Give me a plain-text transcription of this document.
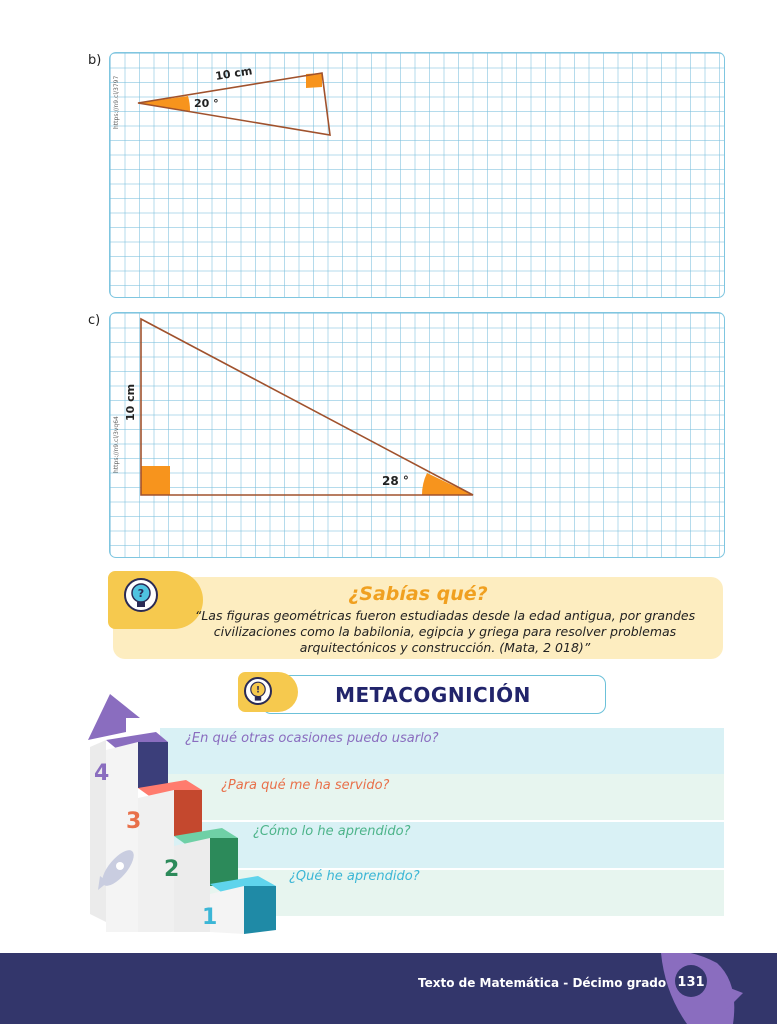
b)
10 cm
20 °
https://n9.cl/3797
c)
10 cm
28 °
https://n9.cl/3vq64
?	¿Sabías qué?
“Las figuras geométricas fueron estudiadas desde la edad antigua, por grandes civilizaciones como la babilonia, egipcia y griega para resolver problemas arquitectónicos y construcción. (Mata, 2 018)”
!	METACOGNICIÓN
¿En qué otras ocasiones puedo usarlo?
¿Para qué me ha servido?
¿Cómo lo he aprendido?
¿Qué he aprendido?
4
3
2
1
Texto de Matemática - Décimo grado 131
